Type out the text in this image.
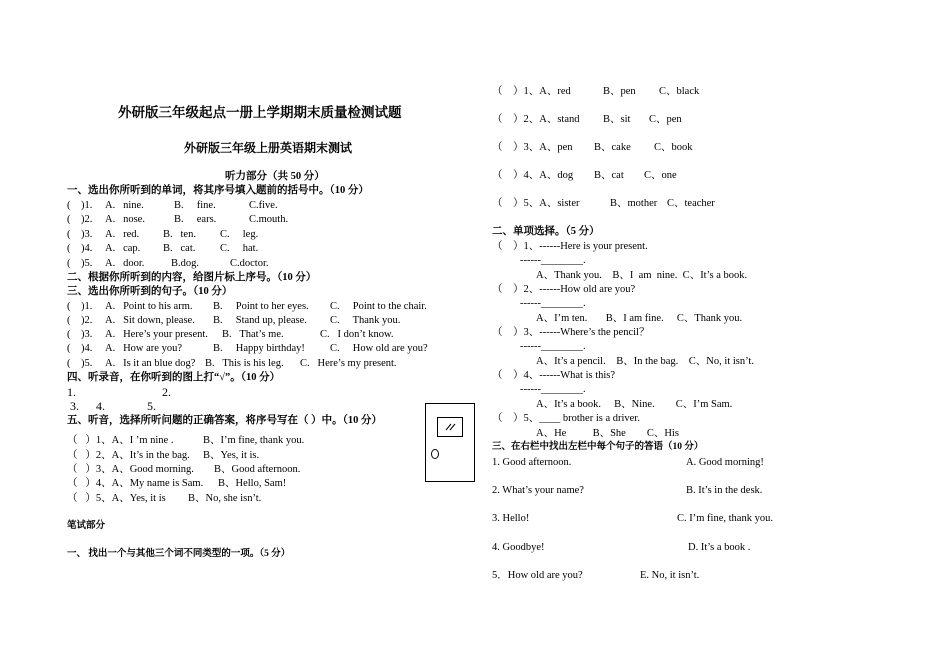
外研版三年级起点一册上学期期末质量检测试题
外研版三年级上册英语期末测试
听力部分（共 50 分）
一、选出你所听到的单词，将其序号填入题前的括号中。（10 分）
(    )1. A.   nine.	B.     fine.	C.five.
(    )2. A.   nose.	B.     ears.	C.mouth.
(    )3. A.   red. B.   ten. C.     leg.
(    )4. A.   cap. B.   cat. C.     hat.
(    )5. A.   door.	B.dog.	C.doctor.
二、根据你所听到的内容，给图片标上序号。（10 分）
三、选出你所听到的句子。（10 分）
(    )1. A.   Point to his arm. B.     Point to her eyes. C.     Point to the chair.
(    )2. A.   Sit down, please. B.     Stand up, please. C.     Thank you.
(    )3. A.   Here’s your present. B.   That’s me.	C.   I don’t know.
(    )4. A.   How are you?	B.     Happy birthday! C.     How old are you?
(    )5. A.   Is it an blue dog? B.   This is his leg. C.   Here’s my present.
四、听录音，在你听到的图上打“√”。（10 分）
1.	2.
3. 4.	5.
五、听音，选择所听问题的正确答案，将序号写在（ ）中。（10 分）
（   ）1、A、I ’m nine .	B、I’m fine, thank you.
（   ）2、A、It’s in the bag. B、Yes, it is.
（   ）3、A、Good morning. B、Good afternoon.
（   ）4、A、My name is Sam. B、Hello, Sam!
（   ）5、A、Yes, it is B、No, she isn’t.
笔试部分
一、 找出一个与其他三个词不同类型的一项。（5 分）
（    ）1、A、red	B、pen C、black
（    ）2、A、stand B、sit C、pen
（    ）3、A、pen B、cake C、book
（    ）4、A、dog B、cat C、one
（    ）5、A、sister	B、mother C、teacher
二、单项选择。（5 分）
（    ）1、------Here is your present.
------________.
A、Thank you.    B、I  am  nine.  C、It’s a book.
（    ）2、------How old are you?
------________.
A、I’m ten.       B、I am fine.     C、Thank you.
（    ）3、------Where’s the pencil？
------________.
A、It’s a pencil.    B、In the bag.    C、No, it isn’t.
（    ）4、------What is this?
------________.
A、It’s a book.     B、Nine.        C、I’m Sam.
（    ）5、____ brother is a driver.
A、He          B、She        C、His
三、在右栏中找出左栏中每个句子的答语（10 分）
1. Good afternoon.	A. Good morning!
2. What’s your name?	B. It’s in the desk.
3. Hello!	C. I’m fine, thank you.
4. Goodbye!	D. It’s a book .
5．How old are you?	E. No, it isn’t.
